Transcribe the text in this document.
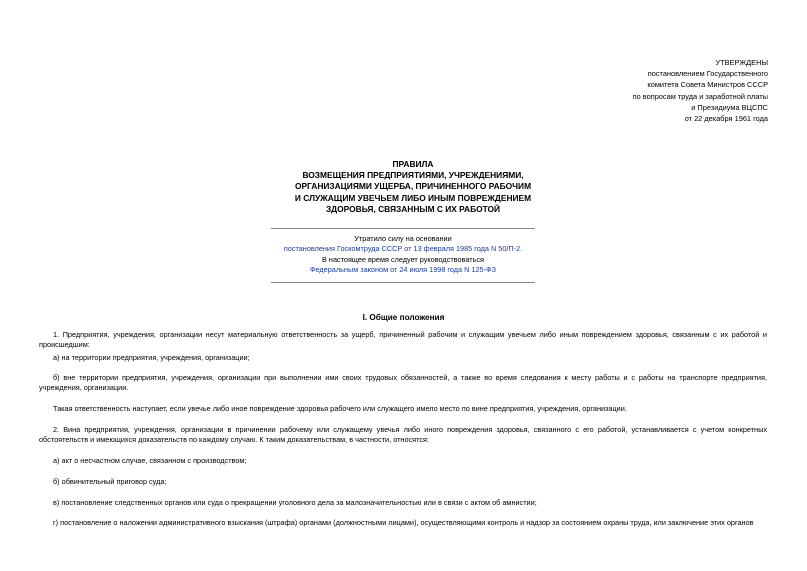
УТВЕРЖДЕНЫ
постановлением Государственного
комитета Совета Министров СССР
по вопросам труда и заработной платы
и Президиума ВЦСПС
от 22 декабря 1961 года
ПРАВИЛА
ВОЗМЕЩЕНИЯ ПРЕДПРИЯТИЯМИ, УЧРЕЖДЕНИЯМИ,
ОРГАНИЗАЦИЯМИ УЩЕРБА, ПРИЧИНЕННОГО РАБОЧИМ
И СЛУЖАЩИМ УВЕЧЬЕМ ЛИБО ИНЫМ ПОВРЕЖДЕНИЕМ
ЗДОРОВЬЯ, СВЯЗАННЫМ С ИХ РАБОТОЙ
Утратило силу на основании
постановления Госкомтруда СССР от 13 февраля 1985 года N 50/П-2.
В настоящее время следует руководствоваться
Федеральным законом от 24 июля 1998 года N 125-ФЗ
I. Общие положения

1. Предприятия, учреждения, организации несут материальную ответственность за ущерб, причиненный рабочим и служащим увечьем либо иным повреждением здоровья, связанным с их работой и происшедшим:

а) на территории предприятия, учреждения, организации;

б) вне территории предприятия, учреждения, организации при выполнении ими своих трудовых обязанностей, а также во время следования к месту работы и с работы на транспорте предприятия, учреждения, организации.

Такая ответственность наступает, если увечье либо иное повреждение здоровья рабочего или служащего имело место по вине предприятия, учреждения, организации.

2. Вина предприятия, учреждения, организации в причинении рабочему или служащему увечья либо иного повреждения здоровья, связанного с его работой, устанавливается с учетом конкретных обстоятельств и имеющихся доказательств по каждому случаю. К таким доказательствам, в частности, относятся:

а) акт о несчастном случае, связанном с производством;

б) обвинительный приговор суда;

в) постановление следственных органов или суда о прекращении уголовного дела за малозначительностью или в связи с актом об амнистии;

г) постановление о наложении административного взыскания (штрафа) органами (должностными лицами), осуществляющими контроль и надзор за состоянием охраны труда, или заключение этих органов
